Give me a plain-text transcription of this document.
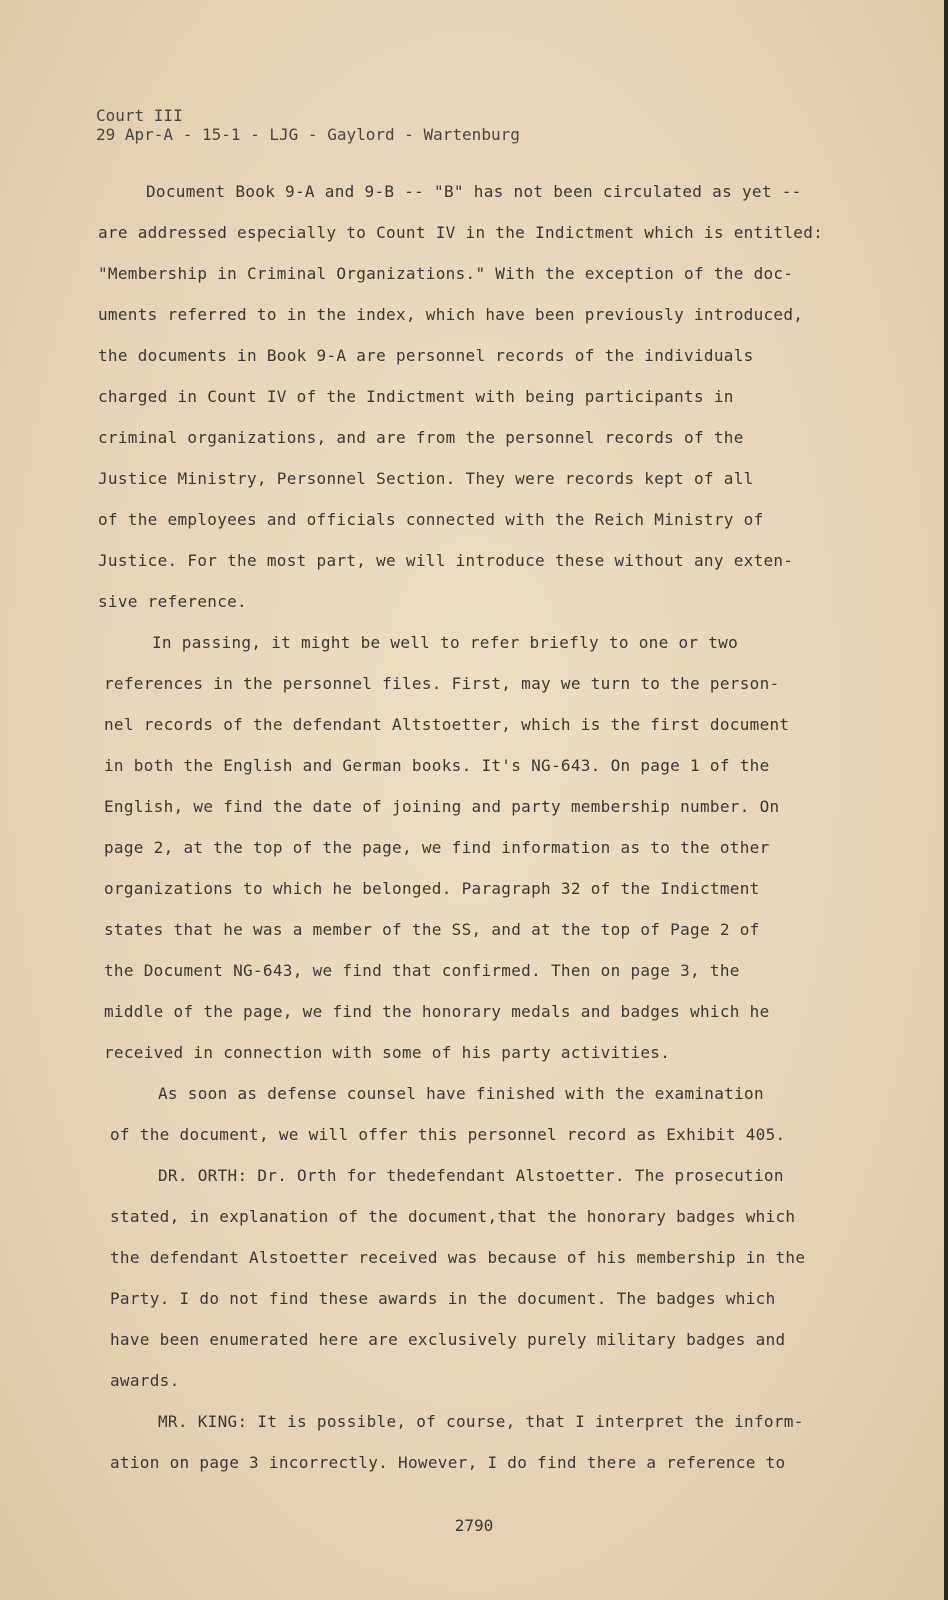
Court III
29 Apr-A - 15-1 - LJG - Gaylord - Wartenburg
Document Book 9-A and 9-B -- "B" has not been circulated as yet --
are addressed especially to Count IV in the Indictment which is entitled:
"Membership in Criminal Organizations." With the exception of the doc-
uments referred to in the index, which have been previously introduced,
the documents in Book 9-A are personnel records of the individuals
charged in Count IV of the Indictment with being participants in
criminal organizations, and are from the personnel records of the
Justice Ministry, Personnel Section. They were records kept of all
of the employees and officials connected with the Reich Ministry of
Justice. For the most part, we will introduce these without any exten-
sive reference.
In passing, it might be well to refer briefly to one or two
references in the personnel files. First, may we turn to the person-
nel records of the defendant Altstoetter, which is the first document
in both the English and German books. It's NG-643. On page 1 of the
English, we find the date of joining and party membership number. On
page 2, at the top of the page, we find information as to the other
organizations to which he belonged. Paragraph 32 of the Indictment
states that he was a member of the SS, and at the top of Page 2 of
the Document NG-643, we find that confirmed. Then on page 3, the
middle of the page, we find the honorary medals and badges which he
received in connection with some of his party activities.
As soon as defense counsel have finished with the examination
of the document, we will offer this personnel record as Exhibit 405.
DR. ORTH: Dr. Orth for thedefendant Alstoetter. The prosecution
stated, in explanation of the document,that the honorary badges which
the defendant Alstoetter received was because of his membership in the
Party. I do not find these awards in the document. The badges which
have been enumerated here are exclusively purely military badges and
awards.
MR. KING: It is possible, of course, that I interpret the inform-
ation on page 3 incorrectly. However, I do find there a reference to
2790
